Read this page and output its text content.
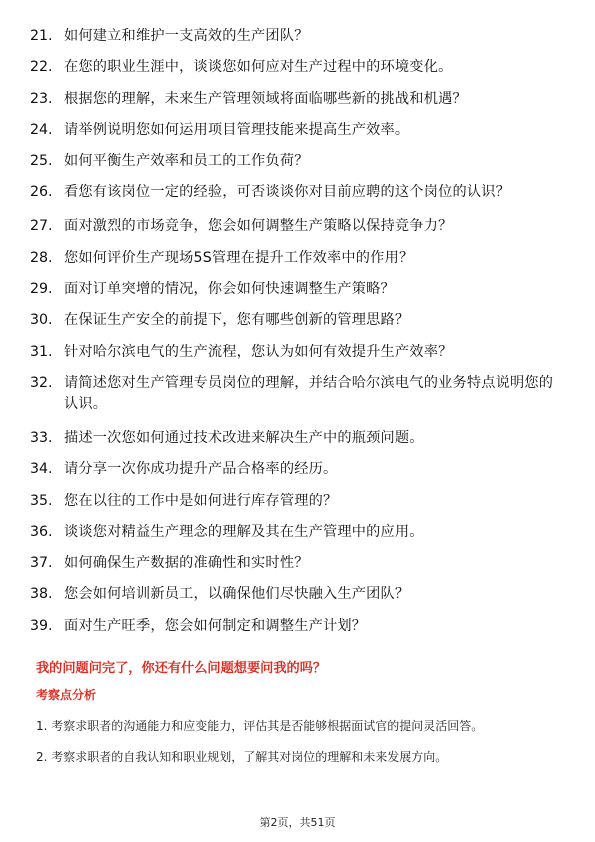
21. 如何建立和维护一支高效的生产团队？
22. 在您的职业生涯中，谈谈您如何应对生产过程中的环境变化。
23. 根据您的理解，未来生产管理领域将面临哪些新的挑战和机遇？
24. 请举例说明您如何运用项目管理技能来提高生产效率。
25. 如何平衡生产效率和员工的工作负荷？
26. 看您有该岗位一定的经验，可否谈谈你对目前应聘的这个岗位的认识？
27. 面对激烈的市场竞争，您会如何调整生产策略以保持竞争力？
28. 您如何评价生产现场5S管理在提升工作效率中的作用？
29. 面对订单突增的情况，你会如何快速调整生产策略？
30. 在保证生产安全的前提下，您有哪些创新的管理思路？
31. 针对哈尔滨电气的生产流程，您认为如何有效提升生产效率？
32. 请简述您对生产管理专员岗位的理解，并结合哈尔滨电气的业务特点说明您的认识。
33. 描述一次您如何通过技术改进来解决生产中的瓶颈问题。
34. 请分享一次你成功提升产品合格率的经历。
35. 您在以往的工作中是如何进行库存管理的？
36. 谈谈您对精益生产理念的理解及其在生产管理中的应用。
37. 如何确保生产数据的准确性和实时性？
38. 您会如何培训新员工，以确保他们尽快融入生产团队？
39. 面对生产旺季，您会如何制定和调整生产计划？
我的问题问完了，你还有什么问题想要问我的吗？
考察点分析
1. 考察求职者的沟通能力和应变能力，评估其是否能够根据面试官的提问灵活回答。
2. 考察求职者的自我认知和职业规划，了解其对岗位的理解和未来发展方向。
第2页，共51页
